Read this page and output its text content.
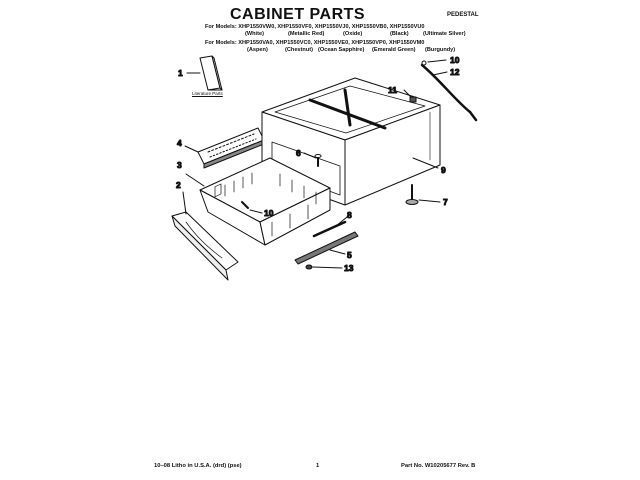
CABINET PARTS	PEDESTAL
For Models: XHP1550VW0, XHP1550VF0, XHP1550VJ0, XHP1550VB0, XHP1550VU0
(White)	(Metallic Red)	(Oxide)	(Black)	(Ultimate Silver)
For Models: XHP1550VA0, XHP1550VC0, XHP1550VE0, XHP1550VP0, XHP1550VM0
(Aspen)	(Chestnut) (Ocean Sapphire) (Emerald Green) (Burgundy)
1
2
3
4
5
6
7
8
9
10
10
11
12
13
Literature Parts
10–08 Litho in U.S.A. (drd) (pse)	1	Part No. W10205677 Rev. B
